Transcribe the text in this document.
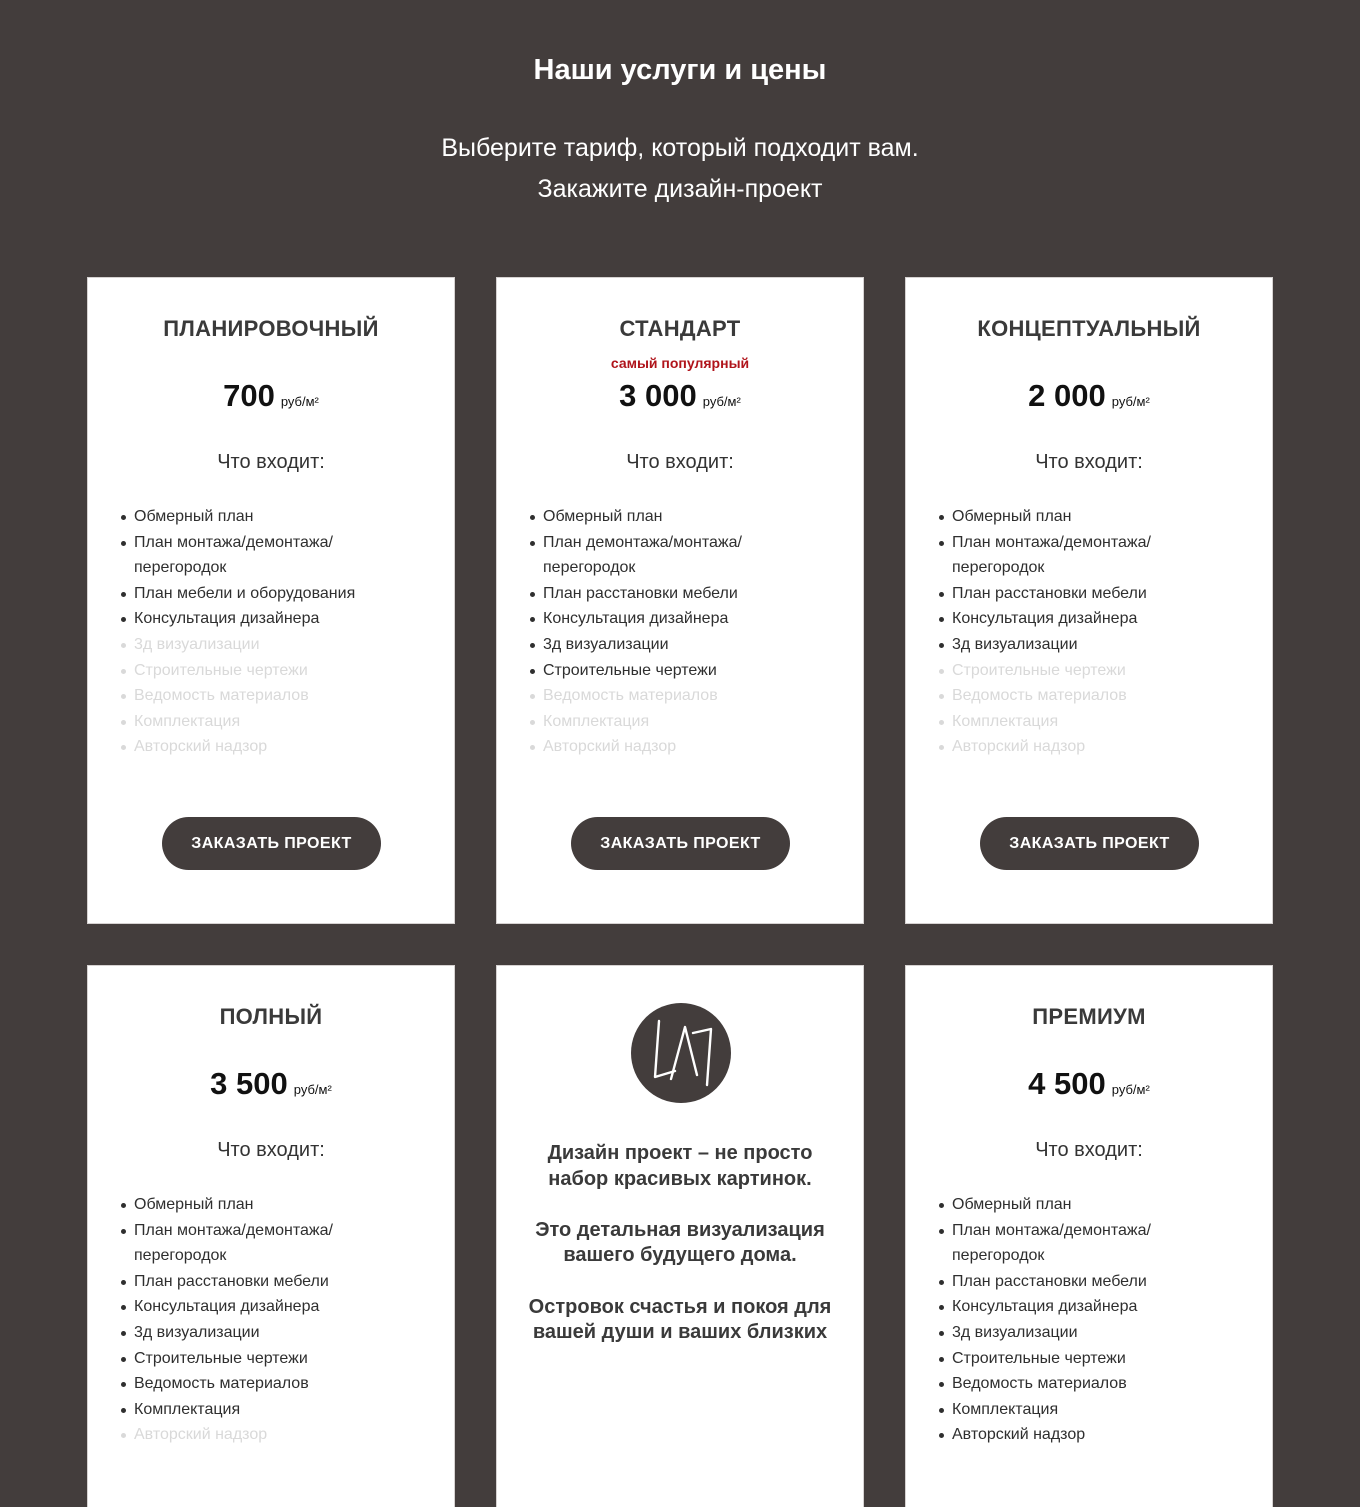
Наши услуги и цены
Выберите тариф, который подходит вам.
Закажите дизайн-проект
ПЛАНИРОВОЧНЫЙ
700 руб/м²
Что входит:
Обмерный план
План монтажа/демонтажа/
перегородок
План мебели и оборудования
Консультация дизайнера
3д визуализации
Строительные чертежи
Ведомость материалов
Комплектация
Авторский надзор
ЗАКАЗАТЬ ПРОЕКТ
СТАНДАРТ
самый популярный
3 000 руб/м²
Что входит:
Обмерный план
План демонтажа/монтажа/
перегородок
План расстановки мебели
Консультация дизайнера
3д визуализации
Строительные чертежи
Ведомость материалов
Комплектация
Авторский надзор
ЗАКАЗАТЬ ПРОЕКТ
КОНЦЕПТУАЛЬНЫЙ
2 000 руб/м²
Что входит:
Обмерный план
План монтажа/демонтажа/
перегородок
План расстановки мебели
Консультация дизайнера
3д визуализации
Строительные чертежи
Ведомость материалов
Комплектация
Авторский надзор
ЗАКАЗАТЬ ПРОЕКТ
ПОЛНЫЙ
3 500 руб/м²
Что входит:
Обмерный план
План монтажа/демонтажа/
перегородок
План расстановки мебели
Консультация дизайнера
3д визуализации
Строительные чертежи
Ведомость материалов
Комплектация
Авторский надзор

Дизайн проект – не просто
набор красивых картинок.

Это детальная визуализация
вашего будущего дома.

Островок счастья и покоя для
вашей души и ваших близких

ПРЕМИУМ
4 500 руб/м²
Что входит:
Обмерный план
План монтажа/демонтажа/
перегородок
План расстановки мебели
Консультация дизайнера
3д визуализации
Строительные чертежи
Ведомость материалов
Комплектация
Авторский надзор
